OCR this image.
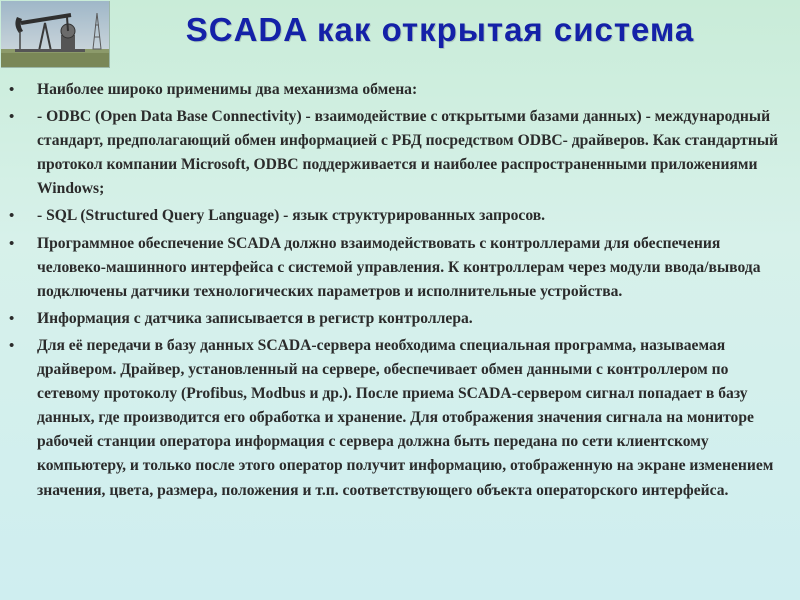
SCADA как открытая система
• Наиболее широко применимы два механизма обмена:
• - ODBC (Open Data Base Connectivity) - взаимодействие с открытыми базами данных) - международный стандарт, предполагающий обмен информацией с РБД посредством ODBC- драйверов. Как стандартный протокол компании Microsoft, ODBC поддерживается и наиболее распространенными приложениями Windows;
• - SQL (Structured Query Language) - язык структурированных запросов.
• Программное обеспечение SCADA должно взаимодействовать с контроллерами для обеспечения человеко-машинного интерфейса с системой управления. К контроллерам через модули ввода/вывода подключены датчики технологических параметров и исполнительные устройства.
• Информация с датчика записывается в регистр контроллера.
• Для её передачи в базу данных SCADA-сервера необходима специальная программа, называемая драйвером. Драйвер, установленный на сервере, обеспечивает обмен данными с контроллером по сетевому протоколу (Profibus, Modbus и др.). После приема SCADA-сервером сигнал попадает в базу данных, где производится его обработка и хранение. Для отображения значения сигнала на мониторе рабочей станции оператора информация с сервера должна быть передана по сети клиентскому компьютеру, и только после этого оператор получит информацию, отображенную на экране изменением значения, цвета, размера, положения и т.п. соответствующего объекта операторского интерфейса.
